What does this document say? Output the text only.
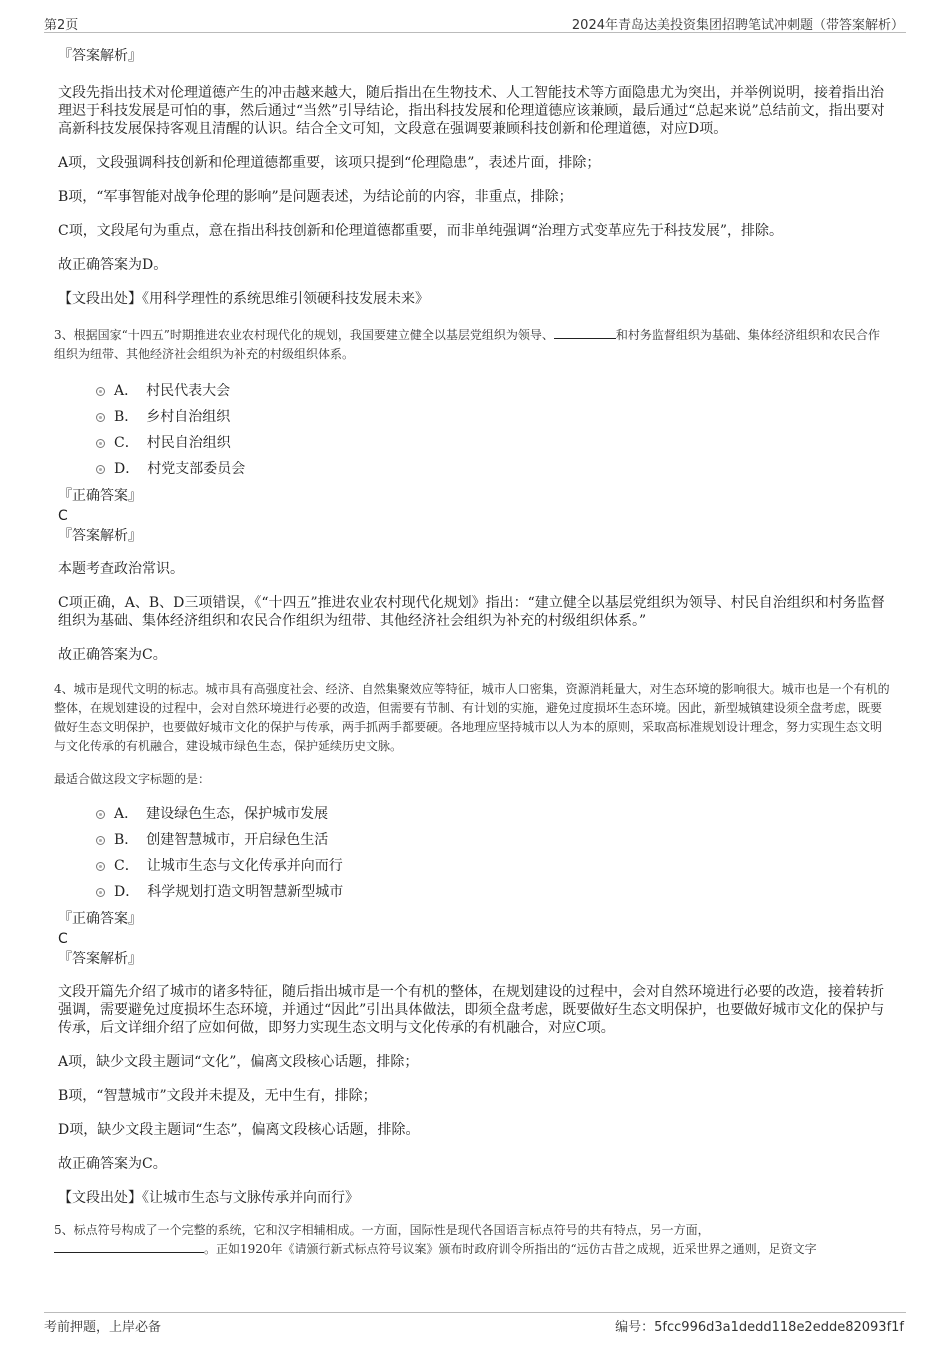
第2页	2024年青岛达美投资集团招聘笔试冲刺题（带答案解析）
『答案解析』

文段先指出技术对伦理道德产生的冲击越来越大，随后指出在生物技术、人工智能技术等方面隐患尤为突出，并举例说明，接着指出治理迟于科技发展是可怕的事，然后通过“当然”引导结论，指出科技发展和伦理道德应该兼顾，最后通过“总起来说”总结前文，指出要对高新科技发展保持客观且清醒的认识。结合全文可知，文段意在强调要兼顾科技创新和伦理道德，对应D项。

A项，文段强调科技创新和伦理道德都重要，该项只提到“伦理隐患”，表述片面，排除；

B项，“军事智能对战争伦理的影响”是问题表述，为结论前的内容，非重点，排除；

C项，文段尾句为重点，意在指出科技创新和伦理道德都重要，而非单纯强调“治理方式变革应先于科技发展”，排除。

故正确答案为D。

【文段出处】《用科学理性的系统思维引领硬科技发展未来》

3、根据国家“十四五”时期推进农业农村现代化的规划，我国要建立健全以基层党组织为领导、	和村务监督组织为基础、集体经济组织和农民合作组织为纽带、其他经济社会组织为补充的村级组织体系。

A． 村民代表大会
B． 乡村自治组织
C． 村民自治组织
D． 村党支部委员会
『正确答案』
C
『答案解析』

本题考查政治常识。

C项正确，A、B、D三项错误，《“十四五”推进农业农村现代化规划》指出：“建立健全以基层党组织为领导、村民自治组织和村务监督组织为基础、集体经济组织和农民合作组织为纽带、其他经济社会组织为补充的村级组织体系。”

故正确答案为C。

4、城市是现代文明的标志。城市具有高强度社会、经济、自然集聚效应等特征，城市人口密集，资源消耗量大，对生态环境的影响很大。城市也是一个有机的整体，在规划建设的过程中，会对自然环境进行必要的改造，但需要有节制、有计划的实施，避免过度损坏生态环境。因此，新型城镇建设须全盘考虑，既要做好生态文明保护，也要做好城市文化的保护与传承，两手抓两手都要硬。各地理应坚持城市以人为本的原则，采取高标准规划设计理念，努力实现生态文明与文化传承的有机融合，建设城市绿色生态，保护延续历史文脉。

最适合做这段文字标题的是：

A． 建设绿色生态，保护城市发展
B． 创建智慧城市，开启绿色生活
C． 让城市生态与文化传承并向而行
D． 科学规划打造文明智慧新型城市
『正确答案』
C
『答案解析』

文段开篇先介绍了城市的诸多特征，随后指出城市是一个有机的整体，在规划建设的过程中，会对自然环境进行必要的改造，接着转折强调，需要避免过度损坏生态环境，并通过“因此”引出具体做法，即须全盘考虑，既要做好生态文明保护，也要做好城市文化的保护与传承，后文详细介绍了应如何做，即努力实现生态文明与文化传承的有机融合，对应C项。

A项，缺少文段主题词“文化”，偏离文段核心话题，排除；

B项，“智慧城市”文段并未提及，无中生有，排除；

D项，缺少文段主题词“生态”，偏离文段核心话题，排除。

故正确答案为C。

【文段出处】《让城市生态与文脉传承并向而行》

5、标点符号构成了一个完整的系统，它和汉字相辅相成。一方面，国际性是现代各国语言标点符号的共有特点，另一方面，
。正如1920年《请颁行新式标点符号议案》颁布时政府训令所指出的“远仿古昔之成规，近采世界之通则，足资文字

考前押题，上岸必备	编号：5fcc996d3a1dedd118e2edde82093f1f
